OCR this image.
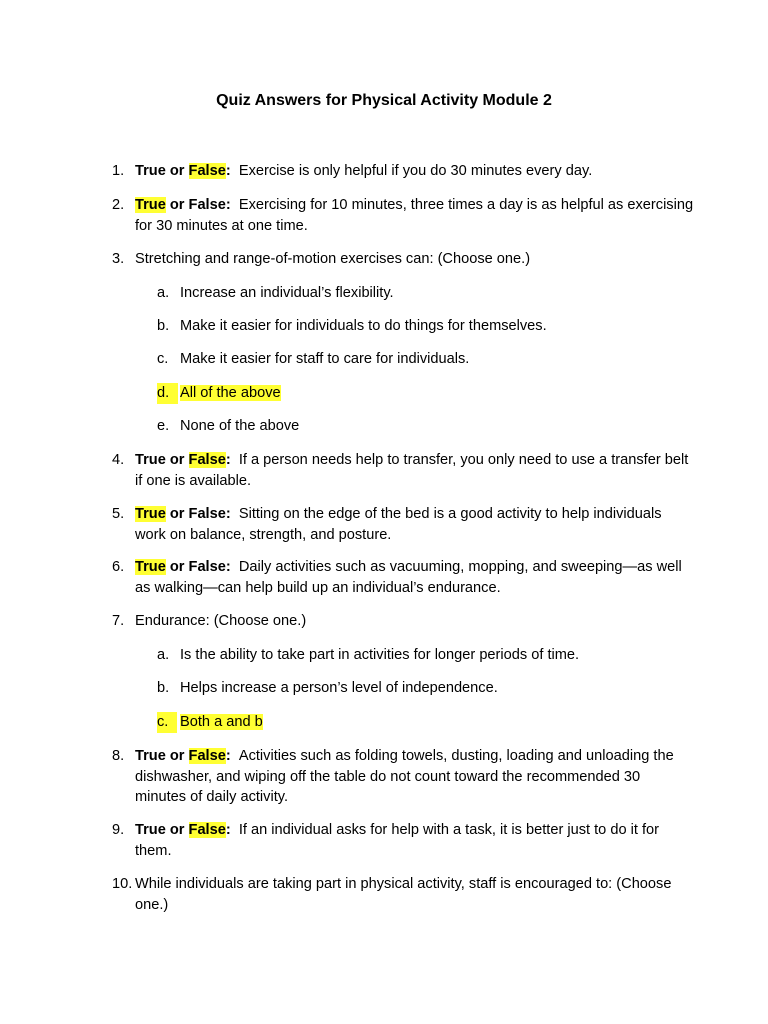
Quiz Answers for Physical Activity Module 2
1. True or False: Exercise is only helpful if you do 30 minutes every day.
2. True or False: Exercising for 10 minutes, three times a day is as helpful as exercising for 30 minutes at one time.
3. Stretching and range-of-motion exercises can: (Choose one.)
a. Increase an individual’s flexibility.
b. Make it easier for individuals to do things for themselves.
c. Make it easier for staff to care for individuals.
d. All of the above
e. None of the above
4. True or False: If a person needs help to transfer, you only need to use a transfer belt if one is available.
5. True or False: Sitting on the edge of the bed is a good activity to help individuals work on balance, strength, and posture.
6. True or False: Daily activities such as vacuuming, mopping, and sweeping—as well as walking—can help build up an individual’s endurance.
7. Endurance: (Choose one.)
a. Is the ability to take part in activities for longer periods of time.
b. Helps increase a person’s level of independence.
c. Both a and b
8. True or False: Activities such as folding towels, dusting, loading and unloading the dishwasher, and wiping off the table do not count toward the recommended 30 minutes of daily activity.
9. True or False: If an individual asks for help with a task, it is better just to do it for them.
10. While individuals are taking part in physical activity, staff is encouraged to: (Choose one.)
